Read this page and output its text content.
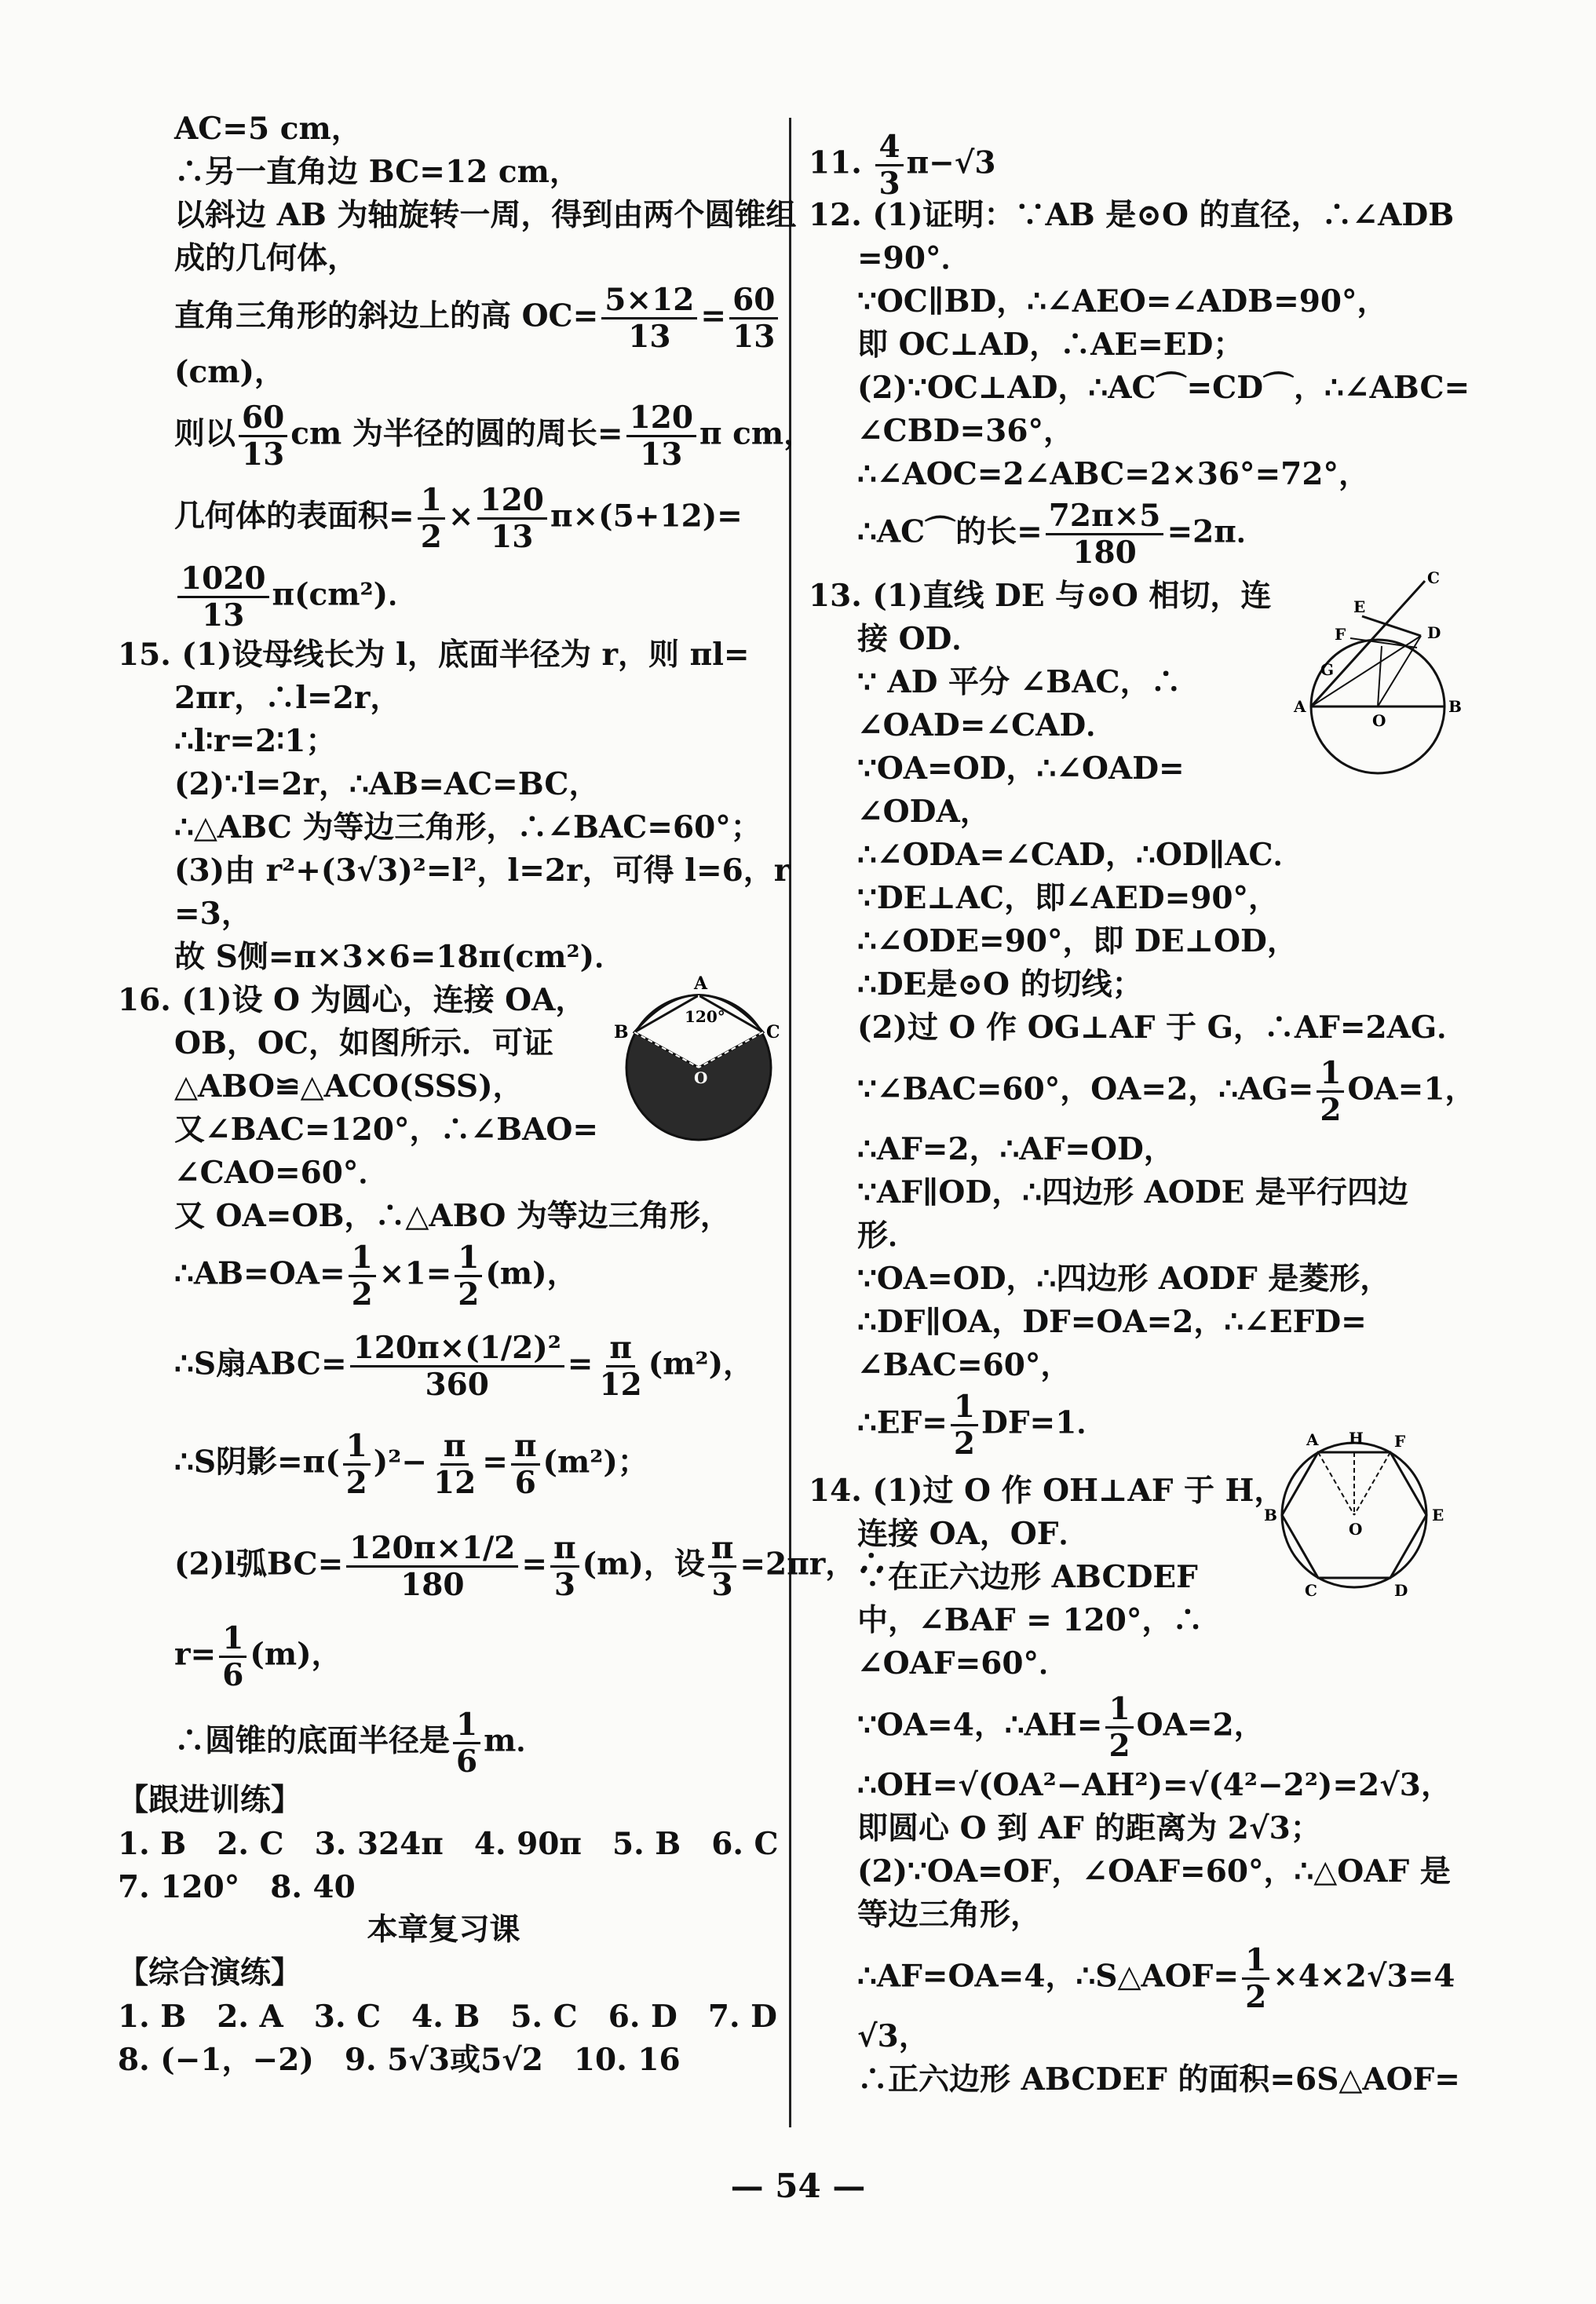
AC=5 cm，
∴另一直角边 BC=12 cm，
以斜边 AB 为轴旋转一周，得到由两个圆锥组
成的几何体，
直角三角形的斜边上的高 $OC= \frac{5\times 12}{13} = \frac{60}{13}$
(cm)，
则以 $\frac{60}{13}$ cm 为半径的圆的周长= $\frac{120}{13}$ π cm，
几何体的表面积= $\frac{1}{2} \times \frac{120}{13} \pi\times(5+12)=$
$\frac{1020}{13} \pi(cm^2)$．
15. (1)设母线长为 l，底面半径为 r，则 πl=
2πr，∴l=2r，
∴l∶r=2∶1；
(2)∵l=2r，∴AB=AC=BC，
∴△ABC 为等边三角形，∴∠BAC=60°；
(3)由 r²+(3√3)²=l²，l=2r，可得 l=6，r
=3，
故 S侧=π×3×6=18π(cm²)．
16. (1)设 O 为圆心，连接 OA，
OB，OC，如图所示．可证
△ABO≌△ACO(SSS)，
又∠BAC=120°，∴∠BAO=
∠CAO=60°．
又 OA=OB，∴△ABO 为等边三角形，
∴AB=OA= $\frac{1}{2} \times 1= \frac{1}{2} (m)$，
∴S扇$ABC= \frac{\text{120π×(1/2)²}}{360} = \frac{\pi}{12} (m^2)$，
∴S阴影$=\pi( \frac{1}{2} )^2- \frac{\pi}{12} = \frac{\pi}{6} (m^2)$；
(2)l弧$BC= \frac{120\pi\times 1/2}{180} = \frac{\pi}{3} (m)$，设 $\frac{\pi}{3} =2\pi r$，∴
$r= \frac{1}{6} (m)$，
∴圆锥的底面半径是 $\frac{1}{6}$ m．
【跟进训练】
1. B　2. C　3. 324π　4. 90π　5. B　6. C
7. 120°　8. 40
本章复习课
【综合演练】
1. B　2. A　3. C　4. B　5. C　6. D　7. D
8. (−1，−2)　9. 5√3或5√2　10. 16
A
B	C
120°
O
11. $\frac{4}{3} \pi-√3$
12. (1)证明：∵AB 是⊙O 的直径，∴∠ADB
=90°．
∵OC∥BD，∴∠AEO=∠ADB=90°，
即 OC⊥AD，∴AE=ED；
(2)∵OC⊥AD，∴AC⌒=CD⌒，∴∠ABC=
∠CBD=36°，
∴∠AOC=2∠ABC=2×36°=72°，
∴AC⌒的长= $\frac{72\pi\times 5}{180} =2\pi$．
13. (1)直线 DE 与⊙O 相切，连
接 OD．
∵ AD 平分 ∠BAC，∴
∠OAD=∠CAD．
∵OA=OD，∴∠OAD=
∠ODA，
∴∠ODA=∠CAD，∴OD∥AC．
∵DE⊥AC，即∠AED=90°，
∴∠ODE=90°，即 DE⊥OD，
∴DE是⊙O 的切线；
(2)过 O 作 OG⊥AF 于 G，∴AF=2AG．
∵∠BAC=60°，OA=2，∴AG= $\frac{1}{2} OA=1$，
∴AF=2，∴AF=OD，
∵AF∥OD，∴四边形 AODE 是平行四边
形．
∵OA=OD，∴四边形 AODF 是菱形，
∴DF∥OA，DF=OA=2，∴∠EFD=
∠BAC=60°，
∴EF= $\frac{1}{2} DF=1$．
14. (1)过 O 作 OH⊥AF 于 H，
连接 OA，OF．
∵在正六边形 ABCDEF
中，∠BAF = 120°，∴
∠OAF=60°．
∵OA=4，∴AH= $\frac{1}{2} OA=2$，
∴OH=√(OA²−AH²)=√(4²−2²)=2√3，
即圆心 O 到 AF 的距离为 2√3；
(2)∵OA=OF，∠OAF=60°，∴△OAF 是
等边三角形，
∴AF=OA=4，∴S△AOF= $\frac{1}{2} \times 4\times 2√3=4$
√3，
∴正六边形 ABCDEF 的面积=6S△AOF=
A	B
C
D
E
F
G
O
A H F
B	E
C	D
O
— 54 —
